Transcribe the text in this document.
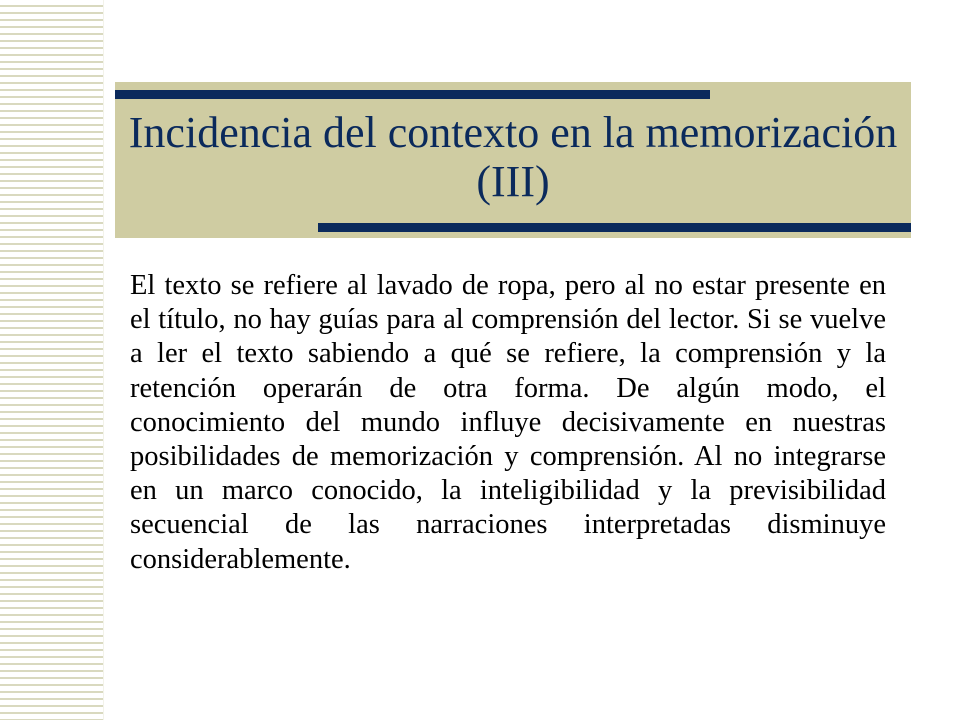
Incidencia del contexto en la memorización (III)

El texto se refiere al lavado de ropa, pero al no estar presente en el título, no hay guías para al comprensión del lector. Si se vuelve a ler el texto sabiendo a qué se refiere, la comprensión y la retención operarán de otra forma. De algún modo, el conocimiento del mundo influye decisivamente en nuestras posibilidades de memorización y comprensión. Al no integrarse en un marco conocido, la inteligibilidad y la previsibilidad secuencial de las narraciones interpretadas disminuye considerablemente.
